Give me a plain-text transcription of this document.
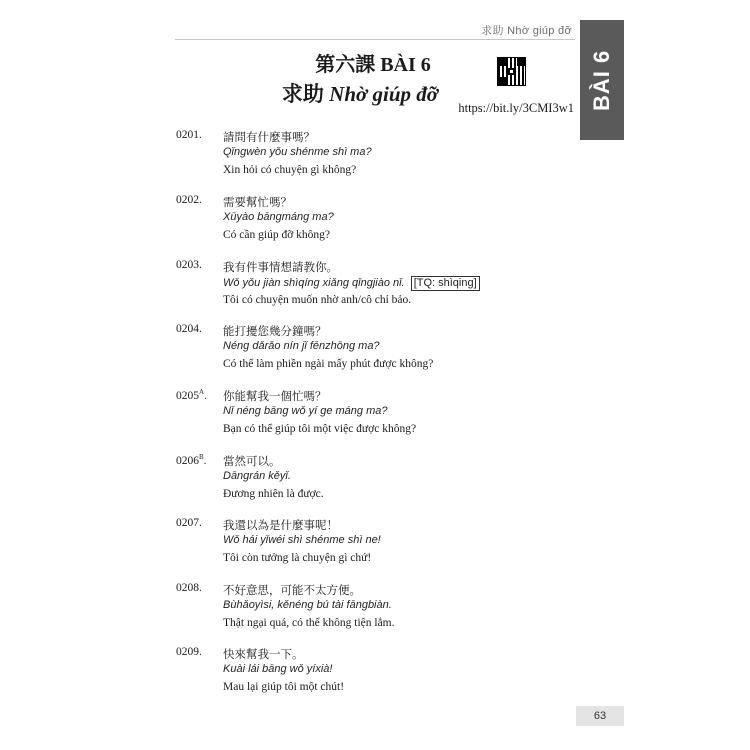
求助 Nhờ giúp đỡ
BÀI 6
第六課 BÀI 6
求助 Nhờ giúp đỡ
https://bit.ly/3CMI3w1
0201. 請問有什麼事嗎？
Qǐngwèn yǒu shénme shì ma?
Xin hỏi có chuyện gì không?
0202. 需要幫忙嗎？
Xūyào bāngmáng ma?
Có cần giúp đỡ không?
0203. 我有件事情想請教你。
Wǒ yǒu jiàn shìqíng xiǎng qǐngjiào nǐ. [TQ: shìqing]
Tôi có chuyện muốn nhờ anh/cô chỉ bảo.
0204. 能打擾您幾分鐘嗎？
Néng dǎrǎo nín jǐ fēnzhōng ma?
Có thể làm phiền ngài mấy phút được không?
$0205^A$. 你能幫我一個忙嗎？
Nǐ néng bāng wǒ yí ge máng ma?
Bạn có thể giúp tôi một việc được không?
$0206^B$. 當然可以。
Dāngrán kěyǐ.
Đương nhiên là được.
0207. 我還以為是什麼事呢！
Wǒ hái yǐwéi shì shénme shì ne!
Tôi còn tưởng là chuyện gì chứ!
0208. 不好意思，可能不太方便。
Bùhǎoyìsi, kěnéng bú tài fāngbiàn.
Thật ngại quá, có thể không tiện lắm.
0209. 快來幫我一下。
Kuài lái bāng wǒ yíxià!
Mau lại giúp tôi một chút!
63
